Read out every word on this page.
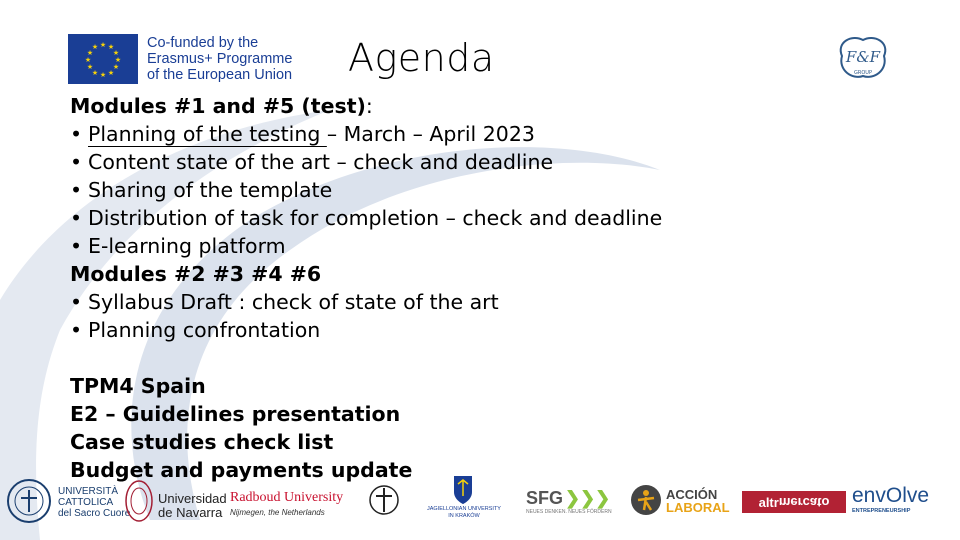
★ ★
★
★
★
★
★
★
★
★
★
★	Co-funded by the
Erasmus+ Programme
of the European Union Agenda	F&F
GROUP
Modules #1 and #5 (test):
• Planning of the testing – March – April 2023
• Content state of the art – check and deadline
• Sharing of the template
• Distribution of task for completion – check and deadline
• E-learning platform
Modules #2 #3 #4 #6
• Syllabus Draft : check of state of the art
• Planning confrontation
TPM4 Spain
E2 – Guidelines presentation
Case studies check list
Budget and payments update
UNIVERSITÀ
CATTOLICA
del Sacro Cuore
Universidad
de Navarra
Radboud University
Nijmegen, the Netherlands	JAGIELLONIAN UNIVERSITY
IN KRAKÓW
SFG ❯❯❯
NEUES DENKEN. NEUES FÖRDERN
ACCIÓN
LABORAL altr mercato envOlve
ENTREPRENEURSHIP
